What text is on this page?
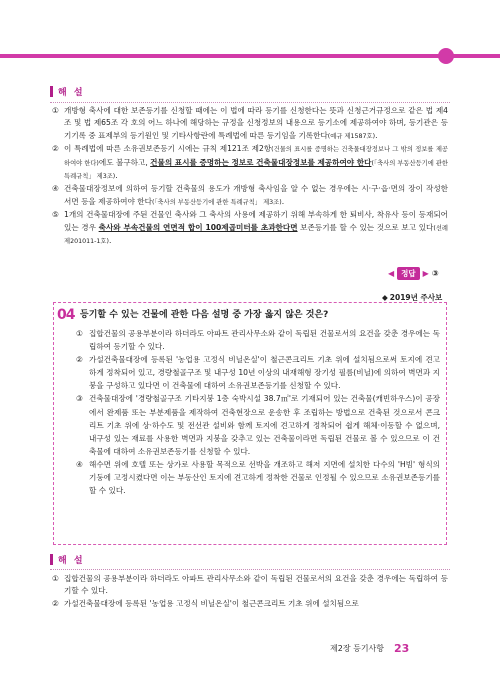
해 설
① 개방형 축사에 대한 보존등기를 신청할 때에는 이 법에 따라 등기를 신청한다는 뜻과 신청근거규정으로 같은 법 제4조 및 법 제65조 각 호의 어느 하나에 해당하는 규정을 신청정보의 내용으로 등기소에 제공하여야 하며, 등기관은 등기기록 중 표제부의 등기원인 및 기타사항란에 특례법에 따른 등기임을 기록한다(예규 제1587호).
② 이 특례법에 따른 소유권보존등기 시에는 규칙 제121조 제2항(건물의 표시를 증명하는 건축물대장정보나 그 밖의 정보를 제공하여야 한다)에도 불구하고, 건물의 표시를 증명하는 정보로 건축물대장정보를 제공하여야 한다(「축사의 부동산등기에 관한 특례규칙」 제3조).
④ 건축물대장정보에 의하여 등기할 건축물의 용도가 개방형 축사임을 알 수 없는 경우에는 시·구·읍·면의 장이 작성한 서면 등을 제공하여야 한다(「축사의 부동산등기에 관한 특례규칙」 제3조).
⑤ 1개의 건축물대장에 주된 건물인 축사와 그 축사의 사용에 제공하기 위해 부속하게 한 퇴비사, 착유사 등이 등재되어 있는 경우 축사와 부속건물의 연면적 합이 100제곱미터를 초과한다면 보존등기를 할 수 있는 것으로 보고 있다(선례 제201011-1호).
◀ 정답 ▶ ③
◆ 2019년 주사보
04 등기할 수 있는 건물에 관한 다음 설명 중 가장 옳지 않은 것은?
① 집합건물의 공용부분이라 하더라도 아파트 관리사무소와 같이 독립된 건물로서의 요건을 갖춘 경우에는 독립하여 등기할 수 있다.
② 가설건축물대장에 등록된 '농업용 고정식 비닐온실'이 철근콘크리트 기초 위에 설치됨으로써 토지에 견고하게 정착되어 있고, 경량철골구조 및 내구성 10년 이상의 내재해형 장기성 필름(비닐)에 의하여 벽면과 지붕을 구성하고 있다면 이 건축물에 대하여 소유권보존등기를 신청할 수 있다.
③ 건축물대장에 '경량철골구조 기타지붕 1층 숙박시설 38.7㎡'로 기재되어 있는 건축물(캐빈하우스)이 공장에서 완제품 또는 부분제품을 제작하여 건축현장으로 운송한 후 조립하는 방법으로 건축된 것으로서 콘크리트 기초 위에 상·하수도 및 전선관 설비와 함께 토지에 견고하게 정착되어 쉽게 해체·이동할 수 없으며, 내구성 있는 재료를 사용한 벽면과 지붕을 갖추고 있는 건축물이라면 독립된 건물로 볼 수 있으므로 이 건축물에 대하여 소유권보존등기를 신청할 수 있다.
④ 해수면 위에 호텔 또는 상가로 사용할 목적으로 선박을 개조하고 해저 지면에 설치한 다수의 'H빔' 형식의 기둥에 고정시켰다면 이는 부동산인 토지에 견고하게 정착한 건물로 인정될 수 있으므로 소유권보존등기를 할 수 있다.
해 설
① 집합건물의 공용부분이라 하더라도 아파트 관리사무소와 같이 독립된 건물로서의 요건을 갖춘 경우에는 독립하여 등기할 수 있다.
② 가설건축물대장에 등록된 '농업용 고정식 비닐온실'이 철근콘크리트 기초 위에 설치됨으로
제2장 등기사항 23
